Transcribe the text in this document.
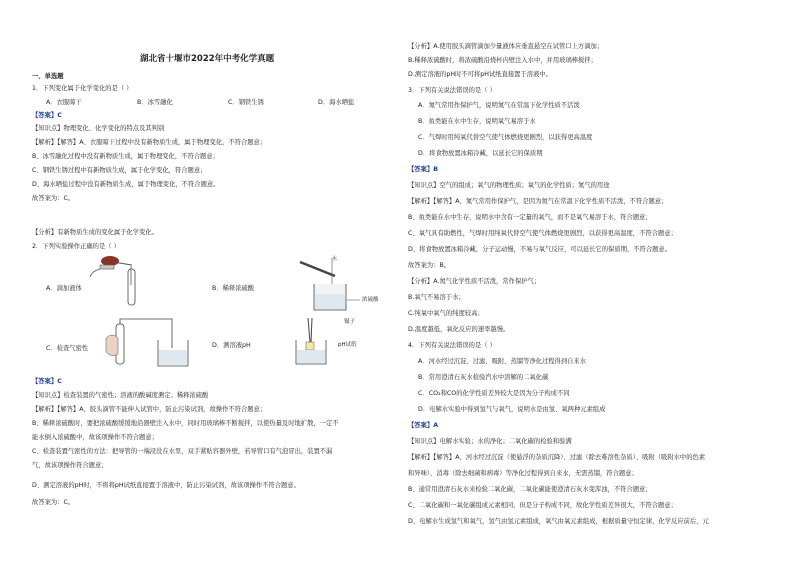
湖北省十堰市2022年中考化学真题
一、单选题
1．下列变化属于化学变化的是（ ）
A．衣服晾干	B．冰雪融化	C．钢铁生锈	D．海水晒盐
【答案】C
【知识点】物理变化、化学变化的特点及其判别
【解析】【解答】A、衣服晾干过程中没有新物质生成，属于物理变化，不符合题意；
B、冰雪融化过程中没有新物质生成，属于物理变化，不符合题意；
C、钢铁生锈过程中有新物质生成，属于化学变化，符合题意；
D、海水晒盐过程中没有新物质生成，属于物理变化，不符合题意。
故答案为：C。
【分析】有新物质生成的变化属于化学变化。
2．下列实验操作正确的是（ ）
A．滴加液体
水
浓硫酸
B．稀释浓硫酸
C．检查气密性
镊子
pH试纸
D．测溶液pH
【答案】C
【知识点】检查装置的气密性；溶液的酸碱度测定；稀释浓硫酸
【解析】【解答】A、胶头滴管不能伸入试管中，防止污染试剂，故操作不符合题意；
B、稀释浓硫酸时，要把浓硫酸缓缓地沿器壁注入水中，同时用玻璃棒不断搅拌，以使热量及时地扩散，一定不
能水倒入浓硫酸中，故该项操作不符合题意；
C、检查装置气密性的方法：把导管的一端浸没在水里，双手紧贴容器外壁，若导管口有气泡冒出，装置不漏
气，故该项操作符合题意；
D、测定溶液的pH时，不将将pH试纸直接置于溶液中，防止污染试剂，故该项操作不符合题意。
故答案为：C。
【分析】A.使用胶头滴管滴加少量液体应垂直悬空在试管口上方滴加；
B.稀释浓硫酸时，将浓硫酸沿烧杯内壁注入水中，并用玻璃棒搅拌；
D.测定溶液的pH时不可将pH试纸直接置于溶液中。
3．下列有关说法错误的是（ ）
A．氮气常用作保护气，说明氮气在常温下化学性质不活泼
B．鱼类能在水中生存，说明氧气易溶于水
C．气焊时用纯氧代替空气使气体燃烧更剧烈，以获得更高温度
D．将食物放置冰箱冷藏，以延长它的保质期
【答案】B
【知识点】空气的组成；氧气的物理性质；氧气的化学性质；氮气的用途
【解析】【解答】A、氮气常用作保护气，是因为氮气在常温下化学性质不活泼，不符合题意；
B、鱼类能在水中生存，说明水中含有一定量的氧气，而不是氧气易溶于水，符合题意；
C、氧气具有助燃性，气焊时用纯氧代替空气使气体燃烧更剧烈，以获得更高温度，不符合题意；
D、将食物放置冰箱冷藏，分子运动慢，不易与氧气反应，可以延长它的保质期，不符合题意。
故答案为：B。
【分析】A.氮气化学性质不活泼，常作保护气；
B.氧气不易溶于水；
C.纯氧中氧气的纯度较高；
D.温度越低，氧化反应的速率越慢。
4．下列有关说法错误的是（ ）
A．河水经过沉淀、过滤、吸附、蒸馏等净化过程得到自来水
B．常用澄清石灰水检验汽水中溶解的二氧化碳
C．CO₂和CO的化学性质差异较大是因为分子构成不同
D．电解水实验中得到氢气与氧气，说明水是由氢、氧两种元素组成
【答案】A
【知识点】电解水实验；水的净化；二氧化碳的检验和验满
【解析】【解答】A、河水经过沉淀（使悬浮的杂质沉降）、过滤（除去难溶性杂质）、吸附（吸附水中的色素
和异味）、消毒（除去细菌和病毒）等净化过程得到自来水，无需蒸馏，符合题意；
B、通常用澄清石灰水来检验二氧化碳，二氧化碳能使澄清石灰水变浑浊，不符合题意；
C、二氧化碳和一氧化碳组成元素相同，但是分子构成不同，故化学性质差异很大，不符合题意；
D、电解水生成氢气和氧气，氢气由氢元素组成，氧气由氧元素组成，根据质量守恒定律，化学反应前后，元
